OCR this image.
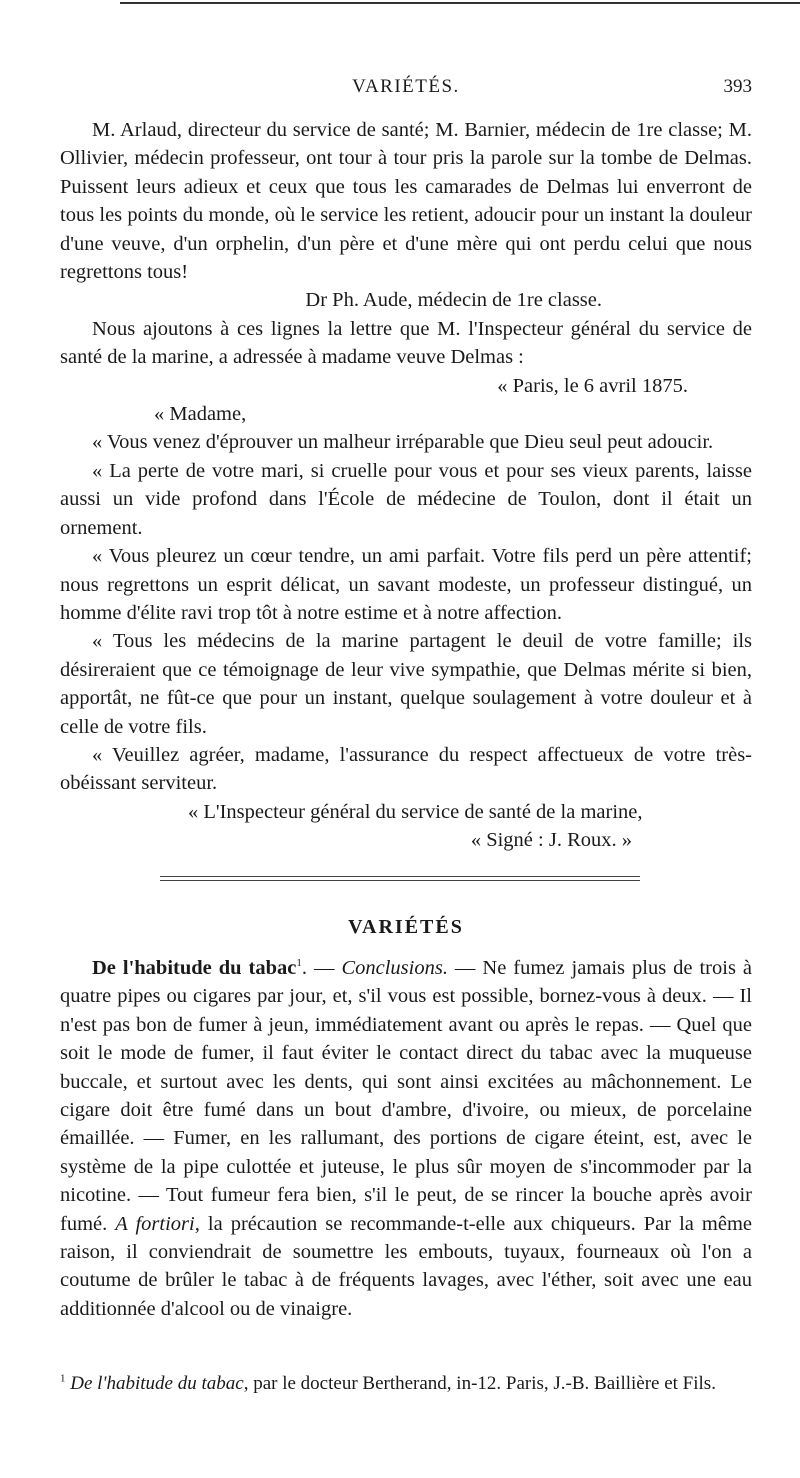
VARIÉTÉS.	393

M. Arlaud, directeur du service de santé; M. Barnier, médecin de 1re classe; M. Ollivier, médecin professeur, ont tour à tour pris la parole sur la tombe de Delmas. Puissent leurs adieux et ceux que tous les camarades de Delmas lui enverront de tous les points du monde, où le service les retient, adoucir pour un instant la douleur d'une veuve, d'un orphelin, d'un père et d'une mère qui ont perdu celui que nous regrettons tous!

Dr Ph. Aude, médecin de 1re classe.

Nous ajoutons à ces lignes la lettre que M. l'Inspecteur général du service de santé de la marine, a adressée à madame veuve Delmas :

« Paris, le 6 avril 1875.

« Madame,

« Vous venez d'éprouver un malheur irréparable que Dieu seul peut adoucir.

« La perte de votre mari, si cruelle pour vous et pour ses vieux parents, laisse aussi un vide profond dans l'École de médecine de Toulon, dont il était un ornement.

« Vous pleurez un cœur tendre, un ami parfait. Votre fils perd un père attentif; nous regrettons un esprit délicat, un savant modeste, un professeur distingué, un homme d'élite ravi trop tôt à notre estime et à notre affection.

« Tous les médecins de la marine partagent le deuil de votre famille; ils désireraient que ce témoignage de leur vive sympathie, que Delmas mérite si bien, apportât, ne fût-ce que pour un instant, quelque soulagement à votre douleur et à celle de votre fils.

« Veuillez agréer, madame, l'assurance du respect affectueux de votre très-obéissant serviteur.

« L'Inspecteur général du service de santé de la marine,

« Signé : J. Roux. »

VARIÉTÉS

De l'habitude du tabac$^1$. — Conclusions. — Ne fumez jamais plus de trois à quatre pipes ou cigares par jour, et, s'il vous est possible, bornez-vous à deux. — Il n'est pas bon de fumer à jeun, immédiatement avant ou après le repas. — Quel que soit le mode de fumer, il faut éviter le contact direct du tabac avec la muqueuse buccale, et surtout avec les dents, qui sont ainsi excitées au mâchonnement. Le cigare doit être fumé dans un bout d'ambre, d'ivoire, ou mieux, de porcelaine émaillée. — Fumer, en les rallumant, des portions de cigare éteint, est, avec le système de la pipe culottée et juteuse, le plus sûr moyen de s'incommoder par la nicotine. — Tout fumeur fera bien, s'il le peut, de se rincer la bouche après avoir fumé. A fortiori, la précaution se recommande-t-elle aux chiqueurs. Par la même raison, il conviendrait de soumettre les embouts, tuyaux, fourneaux où l'on a coutume de brûler le tabac à de fréquents lavages, avec l'éther, soit avec une eau additionnée d'alcool ou de vinaigre.

$^1$ De l'habitude du tabac, par le docteur Bertherand, in-12. Paris, J.-B. Baillière et Fils.
